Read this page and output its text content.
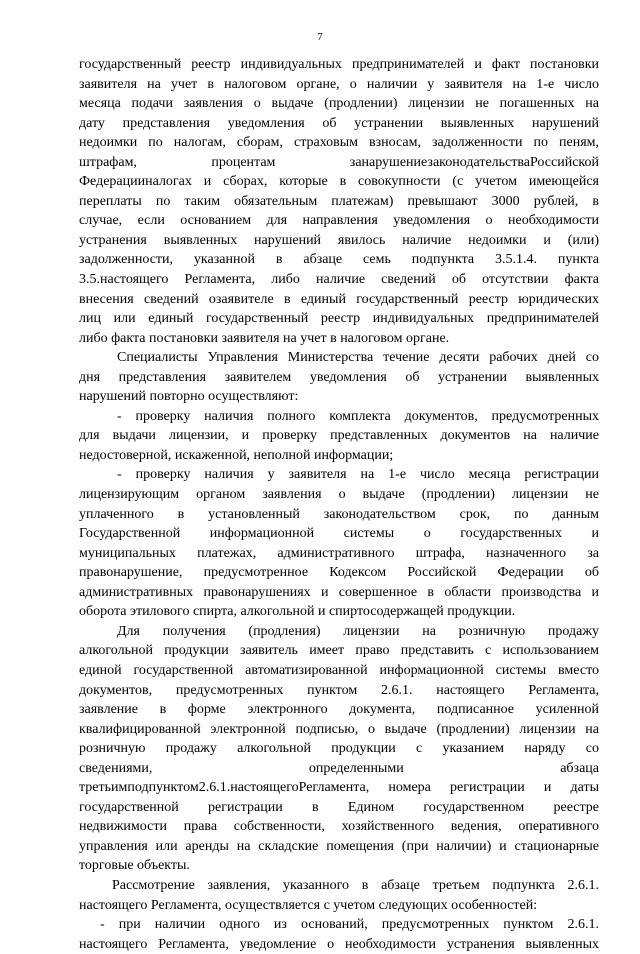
7
государственный реестр индивидуальных предпринимателей и факт постановки
заявителя на учет в налоговом органе, о наличии у заявителя на 1-е число
месяца подачи заявления о выдаче (продлении) лицензии не погашенных на
дату представления уведомления об устранении выявленных нарушений
недоимки по налогам, сборам, страховым взносам, задолженности по пеням,
штрафам, процентам занарушениезаконодательстваРоссийской
Федерацииналогах и сборах, которые в совокупности (с учетом имеющейся
переплаты по таким обязательным платежам) превышают 3000 рублей, в
случае, если основанием для направления уведомления о необходимости
устранения выявленных нарушений явилось наличие недоимки и (или)
задолженности, указанной в абзаце семь подпункта 3.5.1.4. пункта
3.5.настоящего Регламента, либо наличие сведений об отсутствии факта
внесения сведений озаявителе в единый государственный реестр юридических
лиц или единый государственный реестр индивидуальных предпринимателей
либо факта постановки заявителя на учет в налоговом органе.
Специалисты Управления Министерства течение десяти рабочих дней со
дня представления заявителем уведомления об устранении выявленных
нарушений повторно осуществляют:
- проверку наличия полного комплекта документов, предусмотренных
для выдачи лицензии, и проверку представленных документов на наличие
недостоверной, искаженной, неполной информации;
- проверку наличия у заявителя на 1-е число месяца регистрации
лицензирующим органом заявления о выдаче (продлении) лицензии не
уплаченного в установленный законодательством срок, по данным
Государственной информационной системы о государственных и
муниципальных платежах, административного штрафа, назначенного за
правонарушение, предусмотренное Кодексом Российской Федерации об
административных правонарушениях и совершенное в области производства и
оборота этилового спирта, алкогольной и спиртосодержащей продукции.
Для получения (продления) лицензии на розничную продажу
алкогольной продукции заявитель имеет право представить с использованием
единой государственной автоматизированной информационной системы вместо
документов, предусмотренных пунктом 2.6.1. настоящего Регламента,
заявление в форме электронного документа, подписанное усиленной
квалифицированной электронной подписью, о выдаче (продлении) лицензии на
розничную продажу алкогольной продукции с указанием наряду со
сведениями, определенными абзаца
третьимподпунктом2.6.1.настоящегоРегламента, номера регистрации и даты
государственной регистрации в Едином государственном реестре
недвижимости права собственности, хозяйственного ведения, оперативного
управления или аренды на складские помещения (при наличии) и стационарные
торговые объекты.
Рассмотрение заявления, указанного в абзаце третьем подпункта 2.6.1.
настоящего Регламента, осуществляется с учетом следующих особенностей:
- при наличии одного из оснований, предусмотренных пунктом 2.6.1.
настоящего Регламента, уведомление о необходимости устранения выявленных
